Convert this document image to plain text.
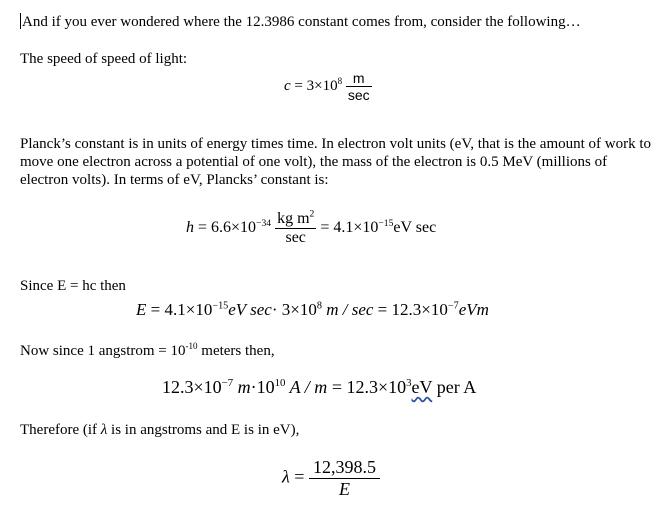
And if you ever wondered where the 12.3986 constant comes from, consider the following…
The speed of speed of light:
$c = 3\times 10^8 \frac{m}{\sec}$
Planck’s constant is in units of energy times time. In electron volt units (eV, that is the amount of work to move one electron across a potential of one volt), the mass of the electron is 0.5 MeV (millions of electron volts). In terms of eV, Plancks’ constant is:
$h = 6.6\times 10^{-34} \frac{kg m^2}{\sec} = 4.1\times 10^{-15}eV$ sec
Since E = hc then
$E = 4.1\times 10^{-15}eV$ $\sec\cdot 3\times 10^8$ $m / \sec = 12.3\times 10^{-7}eVm$
Now since 1 angstrom = $10^{-10}$ meters then,
$12.3\times 10^{-7}$ $m\cdot 10^{10}$ $A / m = 12.3\times 10^3eV$ per A
Therefore (if λ is in angstroms and E is in eV),
$\lambda = \frac{12,398.5}{E}$
